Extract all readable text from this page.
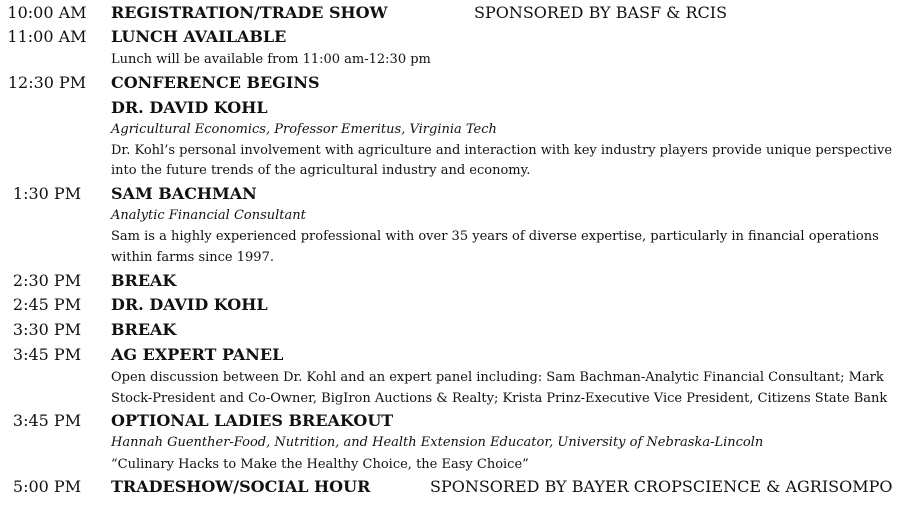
10:00 AM	REGISTRATION/TRADE SHOW	SPONSORED BY BASF & RCIS
11:00 AM	LUNCH AVAILABLE
Lunch will be available from 11:00 am-12:30 pm
12:30 PM	CONFERENCE BEGINS
DR. DAVID KOHL
Agricultural Economics, Professor Emeritus, Virginia Tech
Dr. Kohl’s personal involvement with agriculture and interaction with key industry players provide unique perspective
into the future trends of the agricultural industry and economy.
1:30 PM	SAM BACHMAN
Analytic Financial Consultant
Sam is a highly experienced professional with over 35 years of diverse expertise, particularly in financial operations
within farms since 1997.
2:30 PM	BREAK
2:45 PM	DR. DAVID KOHL
3:30 PM	BREAK
3:45 PM	AG EXPERT PANEL
Open discussion between Dr. Kohl and an expert panel including: Sam Bachman-Analytic Financial Consultant; Mark
Stock-President and Co-Owner, BigIron Auctions & Realty; Krista Prinz-Executive Vice President, Citizens State Bank
3:45 PM	OPTIONAL LADIES BREAKOUT
Hannah Guenther-Food, Nutrition, and Health Extension Educator, University of Nebraska-Lincoln
“Culinary Hacks to Make the Healthy Choice, the Easy Choice”
5:00 PM	TRADESHOW/SOCIAL HOUR	SPONSORED BY BAYER CROPSCIENCE & AGRISOMPO
